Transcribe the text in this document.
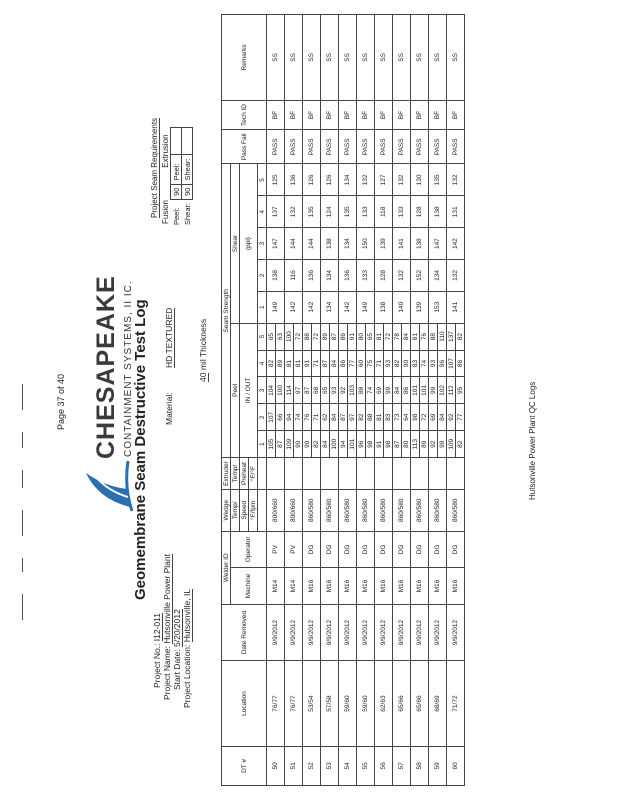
Page 37 of 40 CHESAPEAKE CONTAINMENT SYSTEMS, II IC.
Geomembrane Seam Destructive Test Log
Project No.: I12-011
Project Name: Hutsonville Power Plant
Start Date: 5/20/2012
Project Location: Hutsonville, IL
Material: HD TEXTURED
40 mil Thickness
Project Seam Requirements Fusion Extrusion
Peel:	90	Peel:	
Shear:	90	Shear:	
DT #	Location	Date Removed	Welder ID		Wedge	Extruder	Seam Strength										Pass Fail	Tech ID	Remarks
			Machine	Operator	Temp/	Temp/	Peel					Shear							
					Speed	Preheat	IN / OUT					(ppi)							
					°F/fpm	°F/°F													
							1	2	3	4	5	1	2	3	4	5			
50	76/77	9/9/2012	M14	PV	800/660		105	107	104	82	65	149	138	147	137	125	PASS	BF	SS
							87	66	100	89	63								
51	76/77	9/9/2012	M14	PV	800/660		109	94	114	81	100	142	116	144	132	136	PASS	BF	SS
							90	74	97	81	72								
52	53/54	9/9/2012	M16	DG	860/580		90	76	87	91	88	142	136	144	135	126	PASS	BF	SS
							82	71	68	71	72								
53	57/58	9/9/2012	M16	DG	860/580		84	62	65	87	89	134	134	138	124	126	PASS	BF	SS
							100	84	93	84	87								
54	59/60	9/9/2012	M16	DG	860/580		94	87	92	86	86	142	136	134	135	134	PASS	BF	SS
							101	97	103	77	91								
55	59/60	9/9/2012	M16	DG	860/580		96	82	88	60	80	149	133	150	133	132	PASS	BF	SS
							98	88	74	75	65								
56	62/63	9/9/2012	M16	DG	860/580		91	81	69	71	81	138	128	139	118	127	PASS	BF	SS
							98	83	99	93	72								
57	65/66	9/9/2012	M16	DG	860/580		87	73	84	82	78	140	132	141	133	132	PASS	BF	SS
							80	64	86	90	84								
58	65/66	9/9/2012	M16	DG	860/580		113	98	101	83	81	139	152	138	128	130	PASS	BF	SS
							89	72	101	74	76								
59	68/69	9/9/2012	M16	DG	860/580		92	69	99	93	88	153	134	147	138	135	PASS	BF	SS
							99	84	102	96	110								
60	71/72	9/9/2012	M16	DG	860/580		109	92	112	107	137	141	132	142	131	132	PASS	BF	SS
							82	77	95	86	82								
Hutsonville Power Plant QC Logs
